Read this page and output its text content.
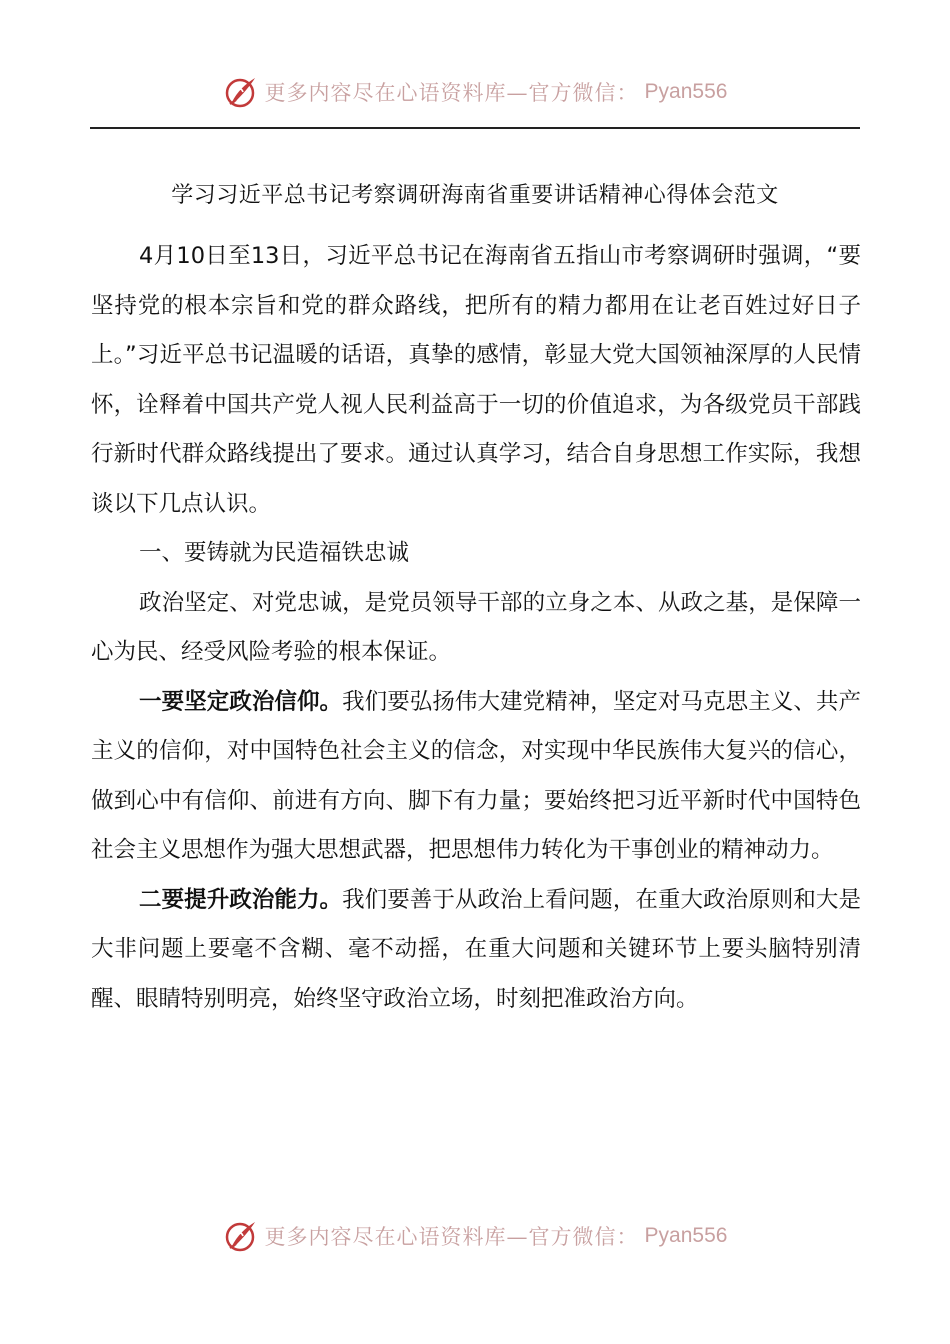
更多内容尽在心语资料库—官方微信： Pyan556
学习习近平总书记考察调研海南省重要讲话精神心得体会范文

4月10日至13日，习近平总书记在海南省五指山市考察调研时强调，“要坚持党的根本宗旨和党的群众路线，把所有的精力都用在让老百姓过好日子上。”习近平总书记温暖的话语，真挚的感情，彰显大党大国领袖深厚的人民情怀，诠释着中国共产党人视人民利益高于一切的价值追求，为各级党员干部践行新时代群众路线提出了要求。通过认真学习，结合自身思想工作实际，我想谈以下几点认识。

一、要铸就为民造福铁忠诚

政治坚定、对党忠诚，是党员领导干部的立身之本、从政之基，是保障一心为民、经受风险考验的根本保证。

一要坚定政治信仰。我们要弘扬伟大建党精神，坚定对马克思主义、共产主义的信仰，对中国特色社会主义的信念，对实现中华民族伟大复兴的信心，做到心中有信仰、前进有方向、脚下有力量；要始终把习近平新时代中国特色社会主义思想作为强大思想武器，把思想伟力转化为干事创业的精神动力。

二要提升政治能力。我们要善于从政治上看问题，在重大政治原则和大是大非问题上要毫不含糊、毫不动摇，在重大问题和关键环节上要头脑特别清醒、眼睛特别明亮，始终坚守政治立场，时刻把准政治方向。

更多内容尽在心语资料库—官方微信： Pyan556
